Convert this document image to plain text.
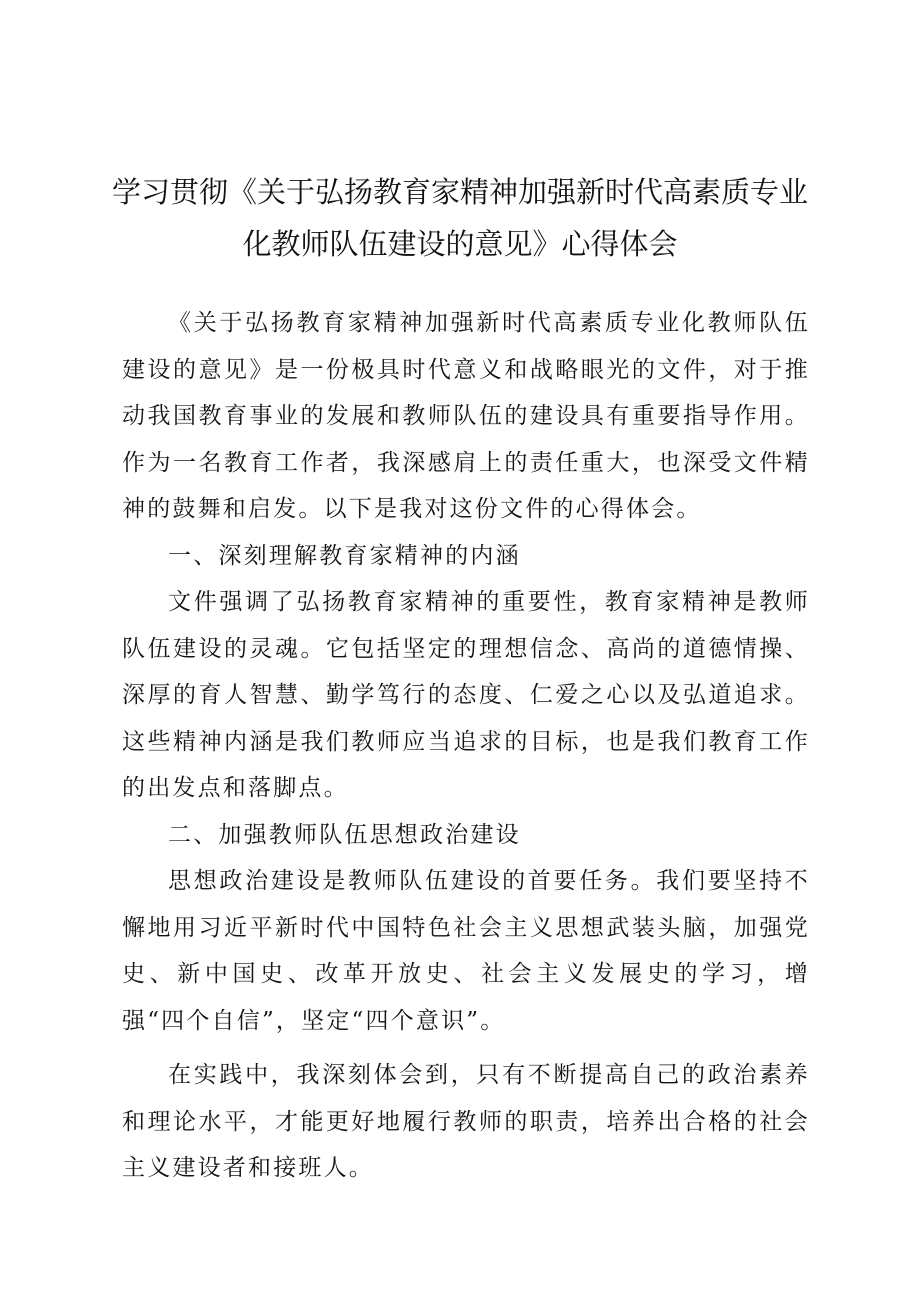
学习贯彻《关于弘扬教育家精神加强新时代高素质专业
化教师队伍建设的意见》心得体会

《关于弘扬教育家精神加强新时代高素质专业化教师队伍建设的意见》是一份极具时代意义和战略眼光的文件，对于推动我国教育事业的发展和教师队伍的建设具有重要指导作用。作为一名教育工作者，我深感肩上的责任重大，也深受文件精神的鼓舞和启发。以下是我对这份文件的心得体会。

一、深刻理解教育家精神的内涵

文件强调了弘扬教育家精神的重要性，教育家精神是教师队伍建设的灵魂。它包括坚定的理想信念、高尚的道德情操、深厚的育人智慧、勤学笃行的态度、仁爱之心以及弘道追求。这些精神内涵是我们教师应当追求的目标，也是我们教育工作的出发点和落脚点。

二、加强教师队伍思想政治建设

思想政治建设是教师队伍建设的首要任务。我们要坚持不懈地用习近平新时代中国特色社会主义思想武装头脑，加强党史、新中国史、改革开放史、社会主义发展史的学习，增强“四个自信”，坚定“四个意识”。

在实践中，我深刻体会到，只有不断提高自己的政治素养和理论水平，才能更好地履行教师的职责，培养出合格的社会主义建设者和接班人。
